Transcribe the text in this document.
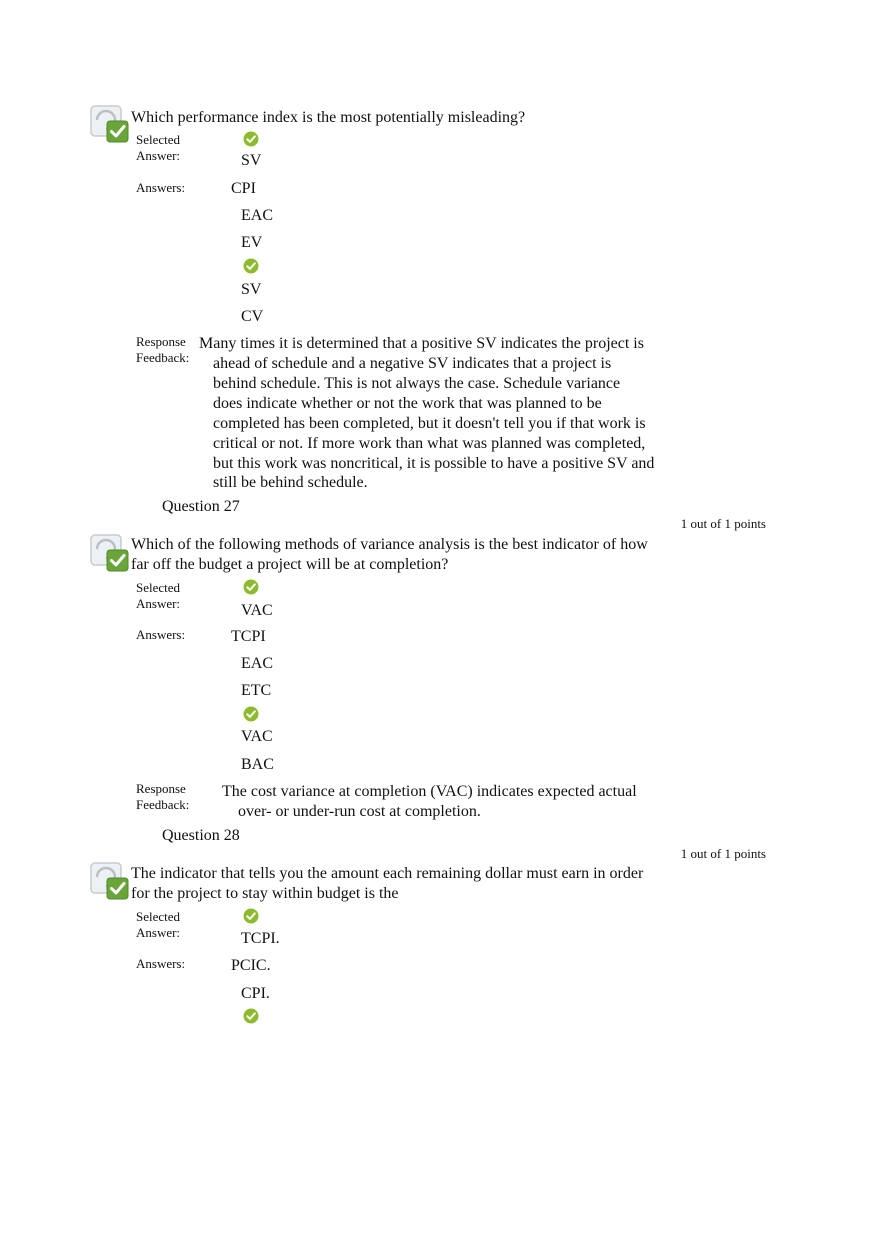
Which performance index is the most potentially misleading?
Selected
Answer:	SV
Answers:	CPI
EAC
EV
SV
CV
Response
Feedback:
Many times it is determined that a positive SV indicates the project is
ahead of schedule and a negative SV indicates that a project is
behind schedule. This is not always the case. Schedule variance
does indicate whether or not the work that was planned to be
completed has been completed, but it doesn't tell you if that work is
critical or not. If more work than what was planned was completed,
but this work was noncritical, it is possible to have a positive SV and
still be behind schedule.
Question 27
1 out of 1 points
Which of the following methods of variance analysis is the best indicator of how
far off the budget a project will be at completion?
Selected
Answer:	VAC
Answers:	TCPI
EAC
ETC
VAC
BAC
Response
Feedback:
The cost variance at completion (VAC) indicates expected actual
over- or under-run cost at completion.
Question 28
1 out of 1 points
The indicator that tells you the amount each remaining dollar must earn in order
for the project to stay within budget is the
Selected
Answer:	TCPI.
Answers:	PCIC.
CPI.
